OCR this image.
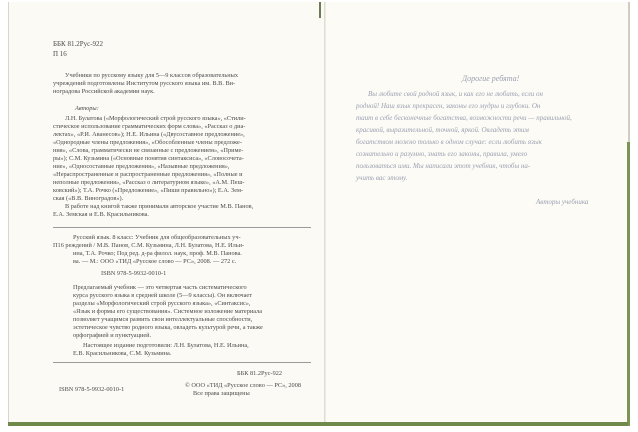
ББК 81.2Рус-922
П 16
Учебники по русскому языку для 5—9 классов образовательных
учреждений подготовлены Институтом русского языка им. В.В. Ви-
ноградова Российской академии наук.
Авторы:
Л.Н. Булатова («Морфологический строй русского языка», «Стили-
стическое использование грамматических форм слова», «Рассказ о диа-
лектах», «Р.И. Аванесов»); Н.Е. Ильина («Двусоставное предложение»,
«Однородные члены предложения», «Обособленные члены предложе-
ния», «Слова, грамматически не связанные с предложением», «Приме-
ры»); С.М. Кузьмина («Основные понятия синтаксиса», «Словосочета-
ние», «Односоставные предложения», «Назывные предложения»,
«Нераспространенные и распространенные предложения», «Полные и
неполные предложения», «Рассказ о литературном языке», «А.М. Пеш-
ковский»); Т.А. Рочко («Предложение», «Пиши правильно»); Е.А. Зем-
ская («В.В. Виноградов»).
В работе над книгой также принимали авторское участие М.В. Панов,
Е.А. Земская и Е.В. Красильникова.
Русский язык. 8 класс: Учебник для общеобразовательных уч-
П16 реждений / М.В. Панов, С.М. Кузьмина, Л.Н. Булатова, Н.Е. Ильи-
ина, Т.А. Рочко; Под ред. д-ра филол. наук, проф. М.В. Панова.
ва. — М.: ООО «ТИД «Русское слово — РС», 2008. — 272 с.
ISBN 978-5-9932-0010-1
Предлагаемый учебник — это четвертая часть систематического
курса русского языка в средней школе (5—9 классы). Он включает
разделы «Морфологический строй русского языка», «Синтаксис»,
«Язык и формы его существования». Системное изложение материала
позволяет учащимся развить свои интеллектуальные способности,
эстетическое чувство родного языка, овладеть культурой речи, а также
орфографией и пунктуацией.
Настоящее издание подготовили: Л.Н. Булатова, Н.Е. Ильина,
Е.В. Красильникова, С.М. Кузьмина.
ББК 81.2Рус-922
ISBN 978-5-9932-0010-1
© ООО «ТИД «Русское слово — РС», 2008
Все права защищены
Дорогие ребята!
Вы любите свой родной язык, и как его не любить, если он
родной! Наш язык прекрасен, законы его мудры и глубоки. Он
таит в себе бесконечные богатства, возможности речи — правильной,
красивой, выразительной, точной, яркой. Овладеть этим
богатством можно только в одном случае: если любить язык
сознательно и разумно, знать его законы, правила, умело
пользоваться ими. Мы написали этот учебник, чтобы на-
учить вас этому.
Авторы учебника
